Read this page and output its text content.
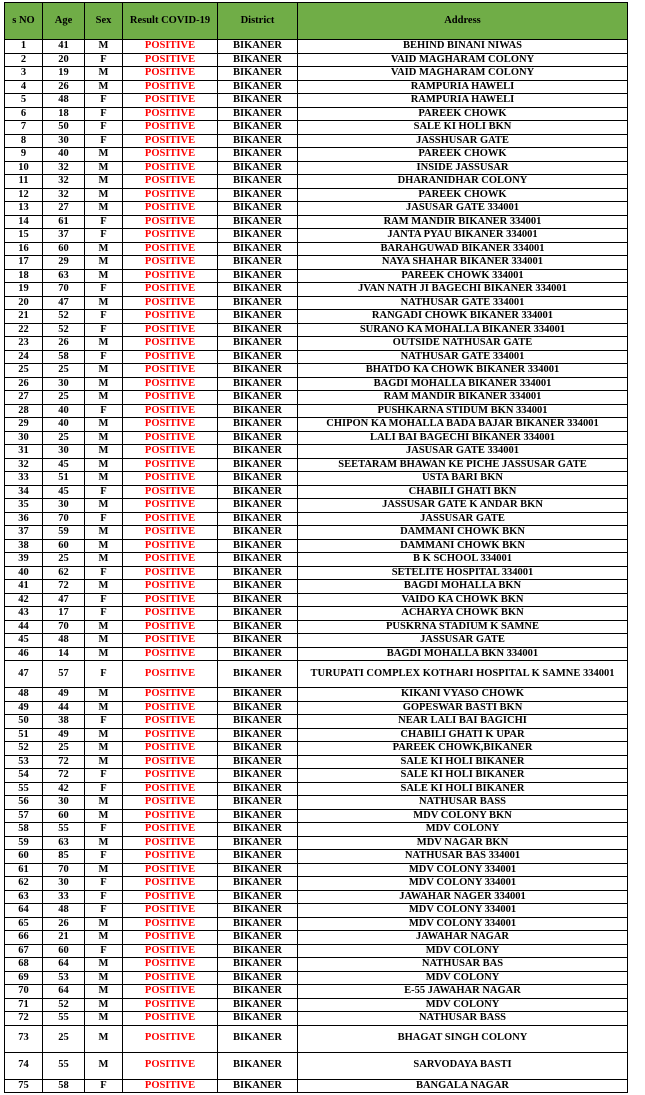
s NO	Age	Sex	Result COVID-19	District	Address
1	41	M	POSITIVE	BIKANER	BEHIND BINANI NIWAS
2	20	F	POSITIVE	BIKANER	VAID MAGHARAM COLONY
3	19	M	POSITIVE	BIKANER	VAID MAGHARAM COLONY
4	26	M	POSITIVE	BIKANER	RAMPURIA HAWELI
5	48	F	POSITIVE	BIKANER	RAMPURIA HAWELI
6	18	F	POSITIVE	BIKANER	PAREEK CHOWK
7	50	F	POSITIVE	BIKANER	SALE KI HOLI BKN
8	30	F	POSITIVE	BIKANER	JASSHUSAR GATE
9	40	M	POSITIVE	BIKANER	PAREEK CHOWK
10	32	M	POSITIVE	BIKANER	INSIDE JASSUSAR
11	32	M	POSITIVE	BIKANER	DHARANIDHAR COLONY
12	32	M	POSITIVE	BIKANER	PAREEK CHOWK
13	27	M	POSITIVE	BIKANER	JASUSAR GATE 334001
14	61	F	POSITIVE	BIKANER	RAM MANDIR BIKANER 334001
15	37	F	POSITIVE	BIKANER	JANTA PYAU BIKANER 334001
16	60	M	POSITIVE	BIKANER	BARAHGUWAD BIKANER 334001
17	29	M	POSITIVE	BIKANER	NAYA SHAHAR BIKANER 334001
18	63	M	POSITIVE	BIKANER	PAREEK CHOWK 334001
19	70	F	POSITIVE	BIKANER	JVAN NATH JI BAGECHI BIKANER 334001
20	47	M	POSITIVE	BIKANER	NATHUSAR GATE 334001
21	52	F	POSITIVE	BIKANER	RANGADI CHOWK BIKANER 334001
22	52	F	POSITIVE	BIKANER	SURANO KA MOHALLA BIKANER 334001
23	26	M	POSITIVE	BIKANER	OUTSIDE NATHUSAR GATE
24	58	F	POSITIVE	BIKANER	NATHUSAR GATE 334001
25	25	M	POSITIVE	BIKANER	BHATDO KA CHOWK BIKANER 334001
26	30	M	POSITIVE	BIKANER	BAGDI MOHALLA BIKANER 334001
27	25	M	POSITIVE	BIKANER	RAM MANDIR BIKANER 334001
28	40	F	POSITIVE	BIKANER	PUSHKARNA STIDUM BKN 334001
29	40	M	POSITIVE	BIKANER	CHIPON KA MOHALLA BADA BAJAR BIKANER 334001
30	25	M	POSITIVE	BIKANER	LALI BAI BAGECHI BIKANER 334001
31	30	M	POSITIVE	BIKANER	JASUSAR GATE 334001
32	45	M	POSITIVE	BIKANER	SEETARAM BHAWAN KE PICHE JASSUSAR GATE
33	51	M	POSITIVE	BIKANER	USTA BARI BKN
34	45	F	POSITIVE	BIKANER	CHABILI GHATI BKN
35	30	M	POSITIVE	BIKANER	JASSUSAR GATE K ANDAR BKN
36	70	F	POSITIVE	BIKANER	JASSUSAR GATE
37	59	M	POSITIVE	BIKANER	DAMMANI CHOWK BKN
38	60	M	POSITIVE	BIKANER	DAMMANI CHOWK BKN
39	25	M	POSITIVE	BIKANER	B K SCHOOL 334001
40	62	F	POSITIVE	BIKANER	SETELITE HOSPITAL 334001
41	72	M	POSITIVE	BIKANER	BAGDI MOHALLA BKN
42	47	F	POSITIVE	BIKANER	VAIDO KA CHOWK BKN
43	17	F	POSITIVE	BIKANER	ACHARYA CHOWK BKN
44	70	M	POSITIVE	BIKANER	PUSKRNA STADIUM K SAMNE
45	48	M	POSITIVE	BIKANER	JASSUSAR GATE
46	14	M	POSITIVE	BIKANER	BAGDI MOHALLA BKN 334001
47	57	F	POSITIVE	BIKANER	TURUPATI COMPLEX KOTHARI HOSPITAL K SAMNE 334001
48	49	M	POSITIVE	BIKANER	KIKANI VYASO CHOWK
49	44	M	POSITIVE	BIKANER	GOPESWAR BASTI BKN
50	38	F	POSITIVE	BIKANER	NEAR LALI BAI BAGICHI
51	49	M	POSITIVE	BIKANER	CHABILI GHATI K UPAR
52	25	M	POSITIVE	BIKANER	PAREEK CHOWK,BIKANER
53	72	M	POSITIVE	BIKANER	SALE KI HOLI BIKANER
54	72	F	POSITIVE	BIKANER	SALE KI HOLI BIKANER
55	42	F	POSITIVE	BIKANER	SALE KI HOLI BIKANER
56	30	M	POSITIVE	BIKANER	NATHUSAR BASS
57	60	M	POSITIVE	BIKANER	MDV COLONY BKN
58	55	F	POSITIVE	BIKANER	MDV COLONY
59	63	M	POSITIVE	BIKANER	MDV NAGAR BKN
60	85	F	POSITIVE	BIKANER	NATHUSAR BAS 334001
61	70	M	POSITIVE	BIKANER	MDV COLONY 334001
62	30	F	POSITIVE	BIKANER	MDV COLONY 334001
63	33	F	POSITIVE	BIKANER	JAWAHAR NAGER 334001
64	48	F	POSITIVE	BIKANER	MDV COLONY 334001
65	26	M	POSITIVE	BIKANER	MDV COLONY 334001
66	21	M	POSITIVE	BIKANER	JAWAHAR NAGAR
67	60	F	POSITIVE	BIKANER	MDV COLONY
68	64	M	POSITIVE	BIKANER	NATHUSAR BAS
69	53	M	POSITIVE	BIKANER	MDV COLONY
70	64	M	POSITIVE	BIKANER	E-55 JAWAHAR NAGAR
71	52	M	POSITIVE	BIKANER	MDV COLONY
72	55	M	POSITIVE	BIKANER	NATHUSAR BASS
73	25	M	POSITIVE	BIKANER	BHAGAT SINGH COLONY
74	55	M	POSITIVE	BIKANER	SARVODAYA BASTI
75	58	F	POSITIVE	BIKANER	BANGALA NAGAR
